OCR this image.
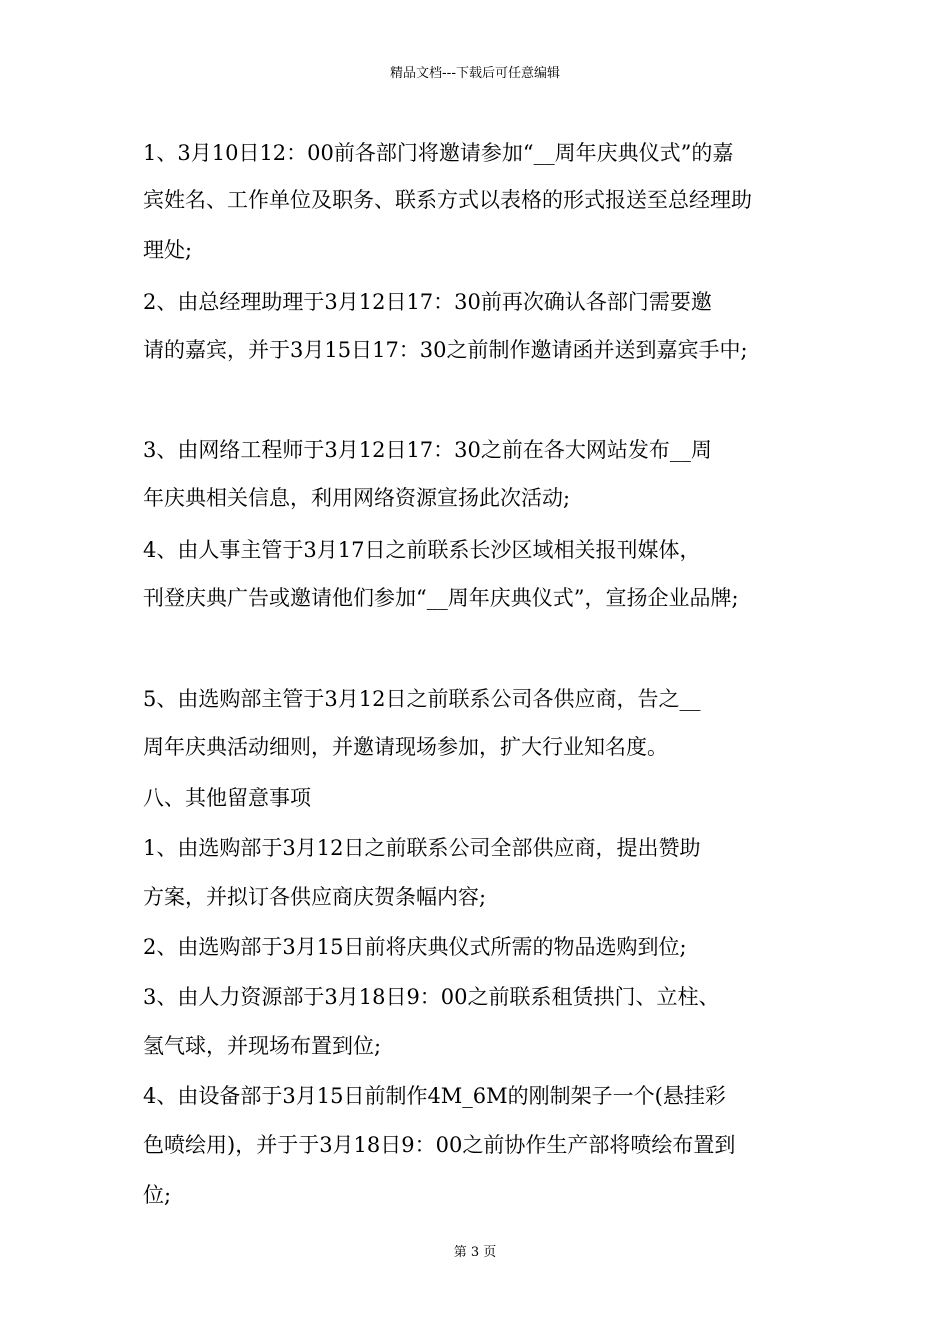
精品文档---下载后可任意编辑
1、3月10日12：00前各部门将邀请参加“__周年庆典仪式”的嘉
宾姓名、工作单位及职务、联系方式以表格的形式报送至总经理助
理处;
2、由总经理助理于3月12日17：30前再次确认各部门需要邀
请的嘉宾，并于3月15日17：30之前制作邀请函并送到嘉宾手中;
3、由网络工程师于3月12日17：30之前在各大网站发布__周
年庆典相关信息，利用网络资源宣扬此次活动;
4、由人事主管于3月17日之前联系长沙区域相关报刊媒体，
刊登庆典广告或邀请他们参加“__周年庆典仪式”，宣扬企业品牌;
5、由选购部主管于3月12日之前联系公司各供应商，告之__
周年庆典活动细则，并邀请现场参加，扩大行业知名度。
八、其他留意事项
1、由选购部于3月12日之前联系公司全部供应商，提出赞助
方案，并拟订各供应商庆贺条幅内容;
2、由选购部于3月15日前将庆典仪式所需的物品选购到位;
3、由人力资源部于3月18日9：00之前联系租赁拱门、立柱、
氢气球，并现场布置到位;
4、由设备部于3月15日前制作4M_6M的刚制架子一个(悬挂彩
色喷绘用)，并于于3月18日9：00之前协作生产部将喷绘布置到
位;
第 3 页
